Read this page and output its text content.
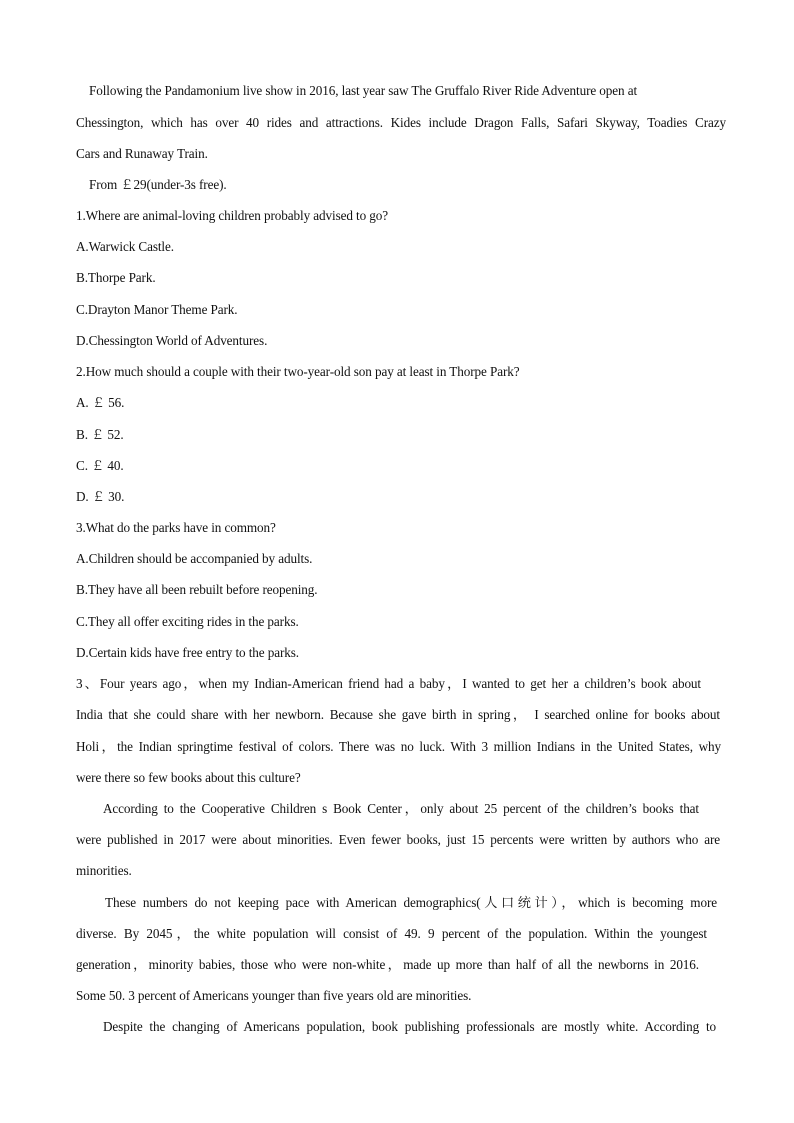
Following the Pandamonium live show in 2016, last year saw The Gruffalo River Ride Adventure open at
Chessington, which has over 40 rides and attractions. Kides include Dragon Falls, Safari Skyway, Toadies Crazy
Cars and Runaway Train.
From ￡29(under-3s free).
1.Where are animal-loving children probably advised to go?
A.Warwick Castle.
B.Thorpe Park.
C.Drayton Manor Theme Park.
D.Chessington World of Adventures.
2.How much should a couple with their two-year-old son pay at least in Thorpe Park?
A. ￡ 56.
B. ￡ 52.
C. ￡ 40.
D. ￡ 30.
3.What do the parks have in common?
A.Children should be accompanied by adults.
B.They have all been rebuilt before reopening.
C.They all offer exciting rides in the parks.
D.Certain kids have free entry to the parks.
3、Four years ago，when my Indian-American friend had a baby，I wanted to get her a children’s book about
India that she could share with her newborn. Because she gave birth in spring， I searched online for books about
Holi，the Indian springtime festival of colors. There was no luck. With 3 million Indians in the United States, why
were there so few books about this culture?
According to the Cooperative Children s Book Center，only about 25 percent of the children’s books that
were published in 2017 were about minorities. Even fewer books, just 15 percents were written by authors who are
minorities.
These numbers do not keeping pace with American demographics(人口统计），which is becoming more
diverse. By 2045，the white population will consist of 49. 9 percent of the population. Within the youngest
generation，minority babies, those who were non-white，made up more than half of all the newborns in 2016.
Some 50. 3 percent of Americans younger than five years old are minorities.
Despite the changing of Americans population, book publishing professionals are mostly white. According to
